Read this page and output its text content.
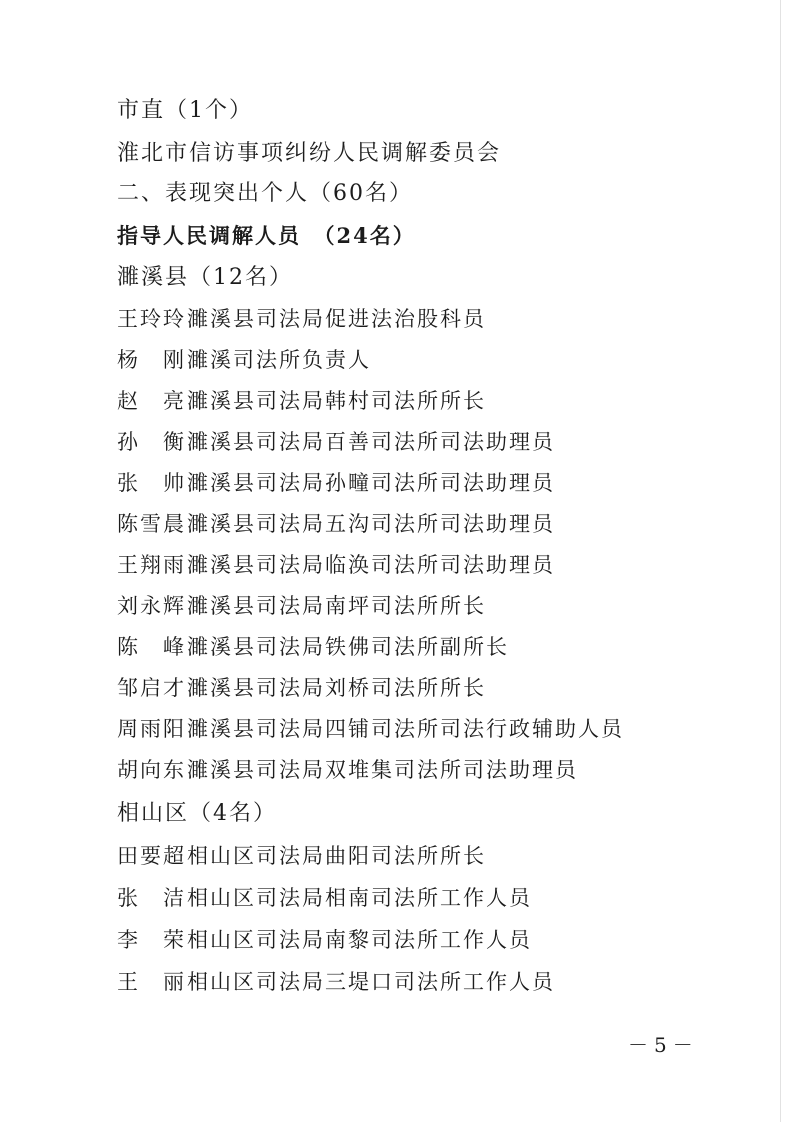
市直（1个）
淮北市信访事项纠纷人民调解委员会
二、表现突出个人（60名）
指导人民调解人员　（24名）
濉溪县（12名）
王玲玲濉溪县司法局促进法治股科员
杨　刚濉溪司法所负责人
赵　亮濉溪县司法局韩村司法所所长
孙　衡濉溪县司法局百善司法所司法助理员
张　帅濉溪县司法局孙疃司法所司法助理员
陈雪晨濉溪县司法局五沟司法所司法助理员
王翔雨濉溪县司法局临涣司法所司法助理员
刘永辉濉溪县司法局南坪司法所所长
陈　峰濉溪县司法局铁佛司法所副所长
邹启才濉溪县司法局刘桥司法所所长
周雨阳濉溪县司法局四铺司法所司法行政辅助人员
胡向东濉溪县司法局双堆集司法所司法助理员
相山区（4名）
田要超相山区司法局曲阳司法所所长
张　洁相山区司法局相南司法所工作人员
李　荣相山区司法局南黎司法所工作人员
王　丽相山区司法局三堤口司法所工作人员
－5－
